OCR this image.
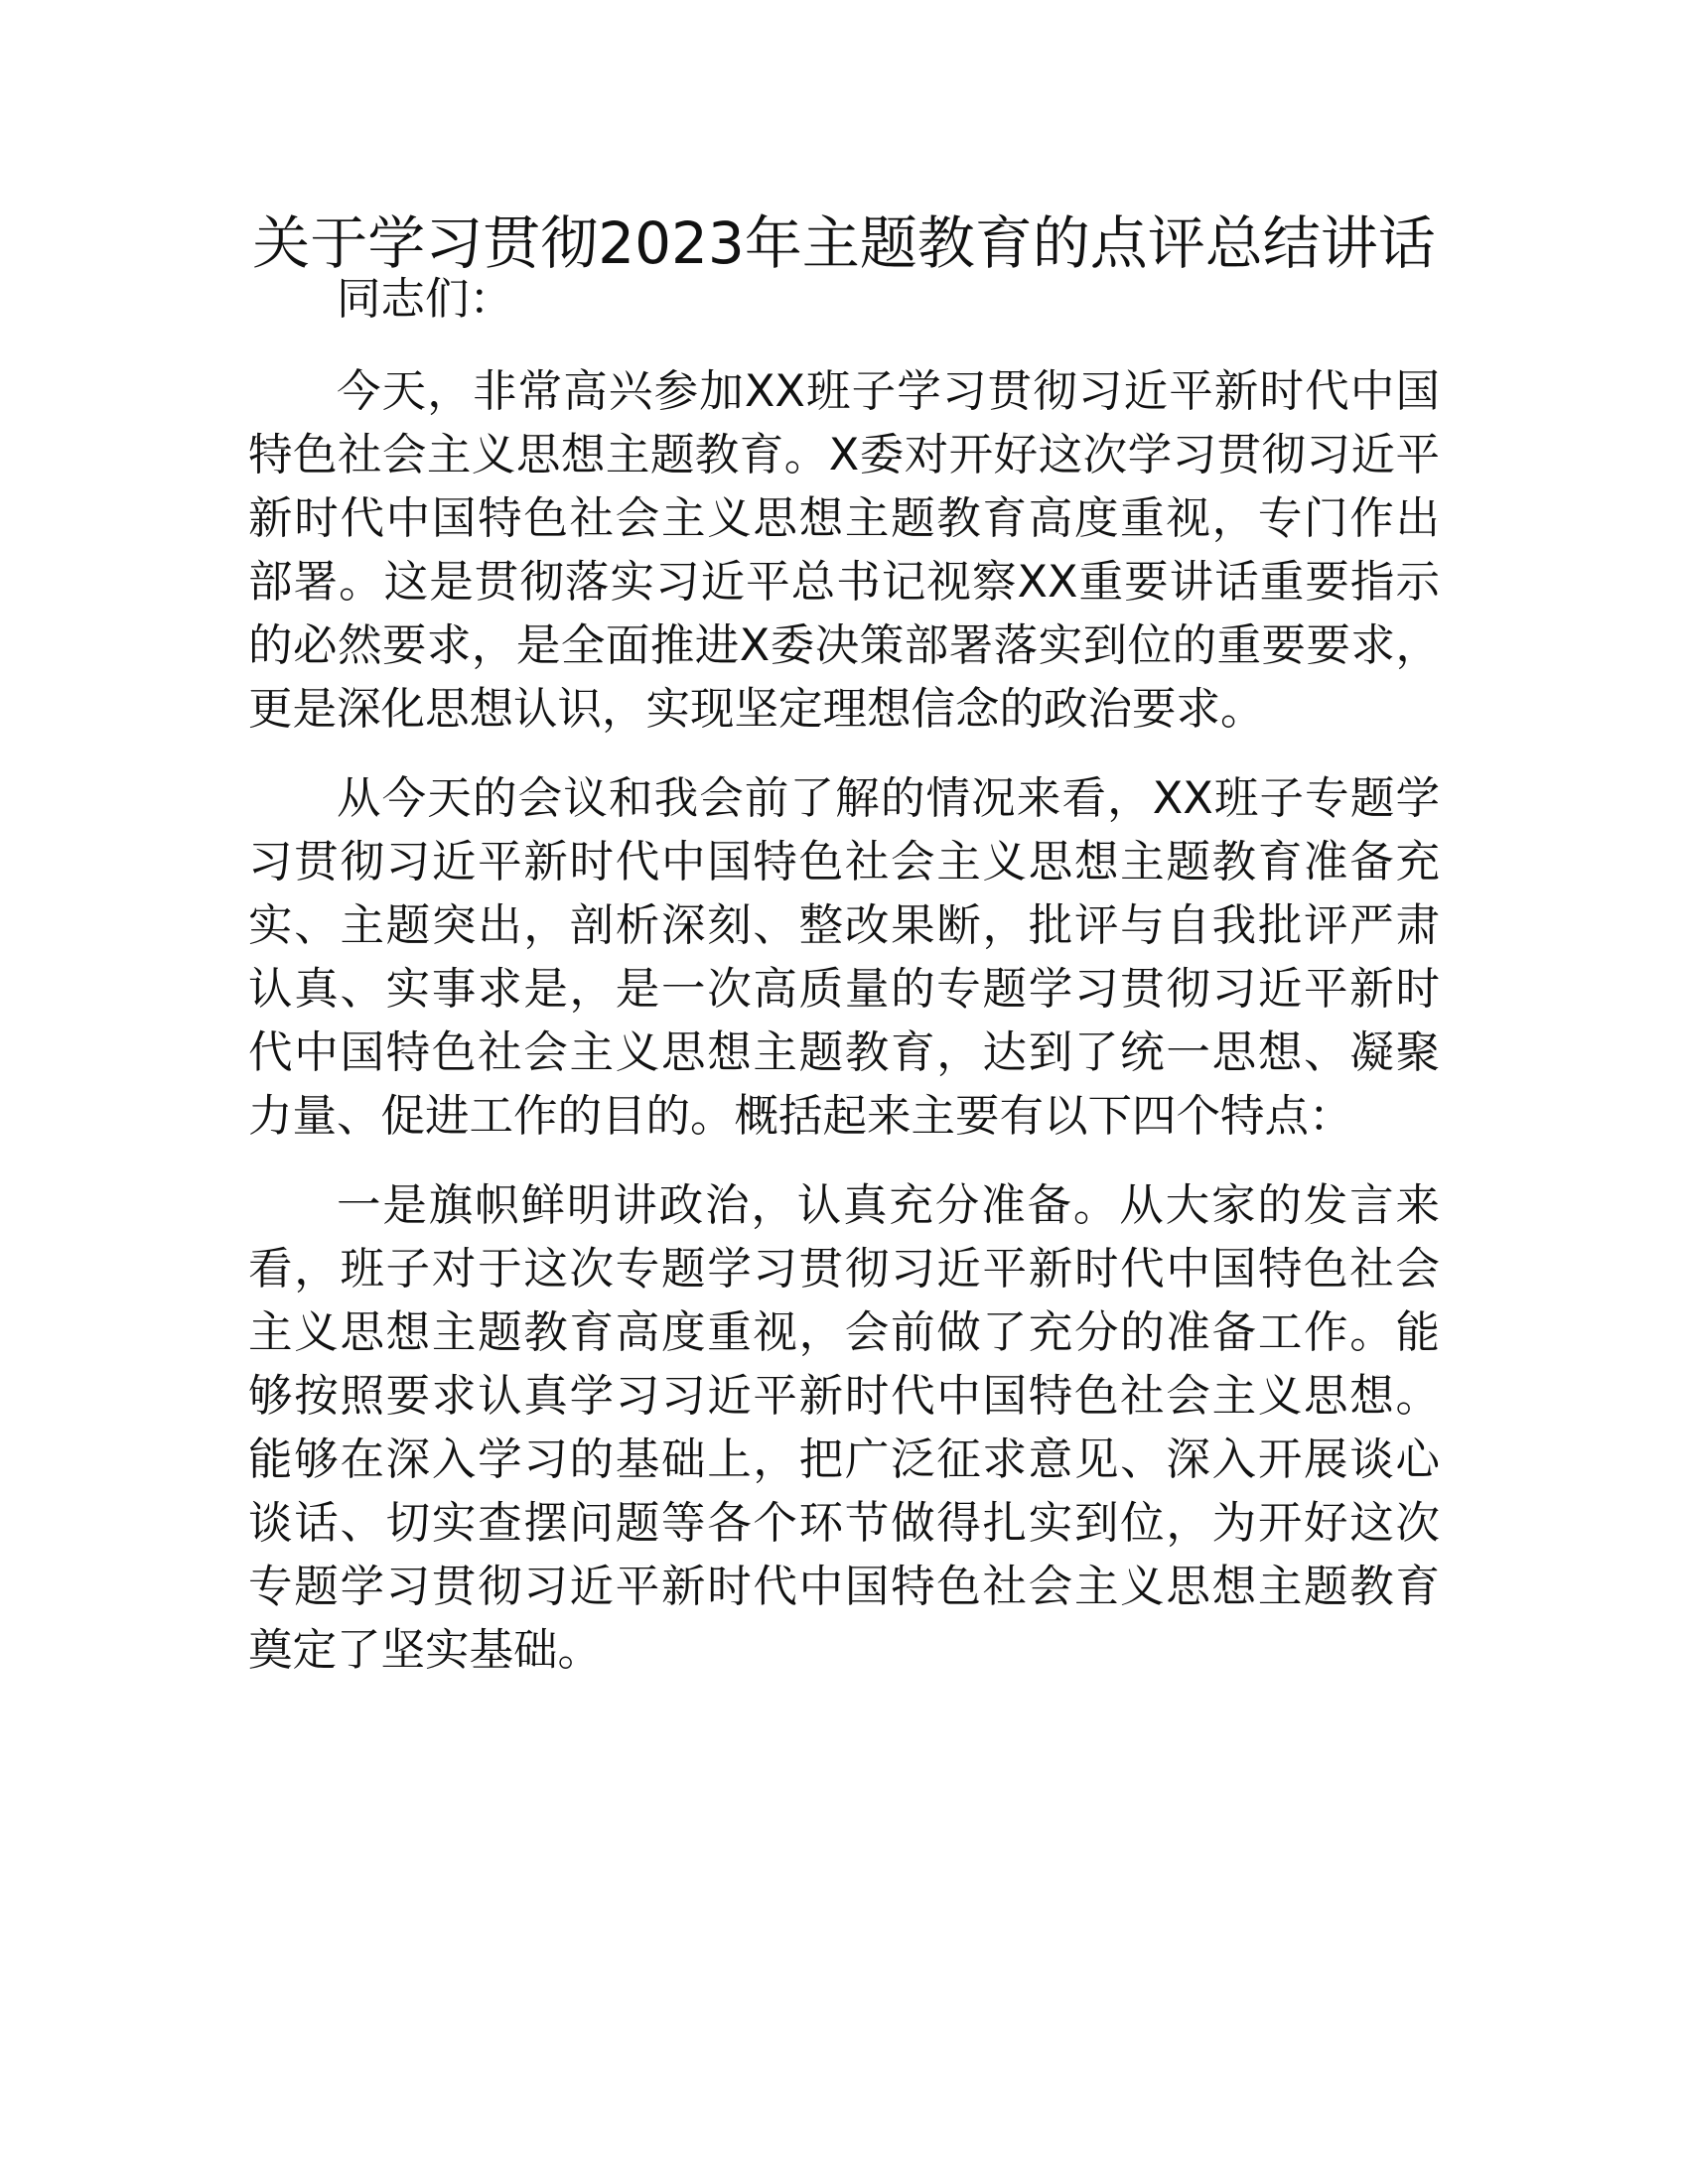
关于学习贯彻2023年主题教育的点评总结讲话

同志们：

今天，非常高兴参加XX班子学习贯彻习近平新时代中国特色社会主义思想主题教育。X委对开好这次学习贯彻习近平新时代中国特色社会主义思想主题教育高度重视，专门作出部署。这是贯彻落实习近平总书记视察XX重要讲话重要指示的必然要求，是全面推进X委决策部署落实到位的重要要求，更是深化思想认识，实现坚定理想信念的政治要求。

从今天的会议和我会前了解的情况来看，XX班子专题学习贯彻习近平新时代中国特色社会主义思想主题教育准备充实、主题突出，剖析深刻、整改果断，批评与自我批评严肃认真、实事求是，是一次高质量的专题学习贯彻习近平新时代中国特色社会主义思想主题教育，达到了统一思想、凝聚力量、促进工作的目的。概括起来主要有以下四个特点：

一是旗帜鲜明讲政治，认真充分准备。从大家的发言来看，班子对于这次专题学习贯彻习近平新时代中国特色社会主义思想主题教育高度重视，会前做了充分的准备工作。能够按照要求认真学习习近平新时代中国特色社会主义思想。能够在深入学习的基础上，把广泛征求意见、深入开展谈心谈话、切实查摆问题等各个环节做得扎实到位，为开好这次专题学习贯彻习近平新时代中国特色社会主义思想主题教育奠定了坚实基础。
